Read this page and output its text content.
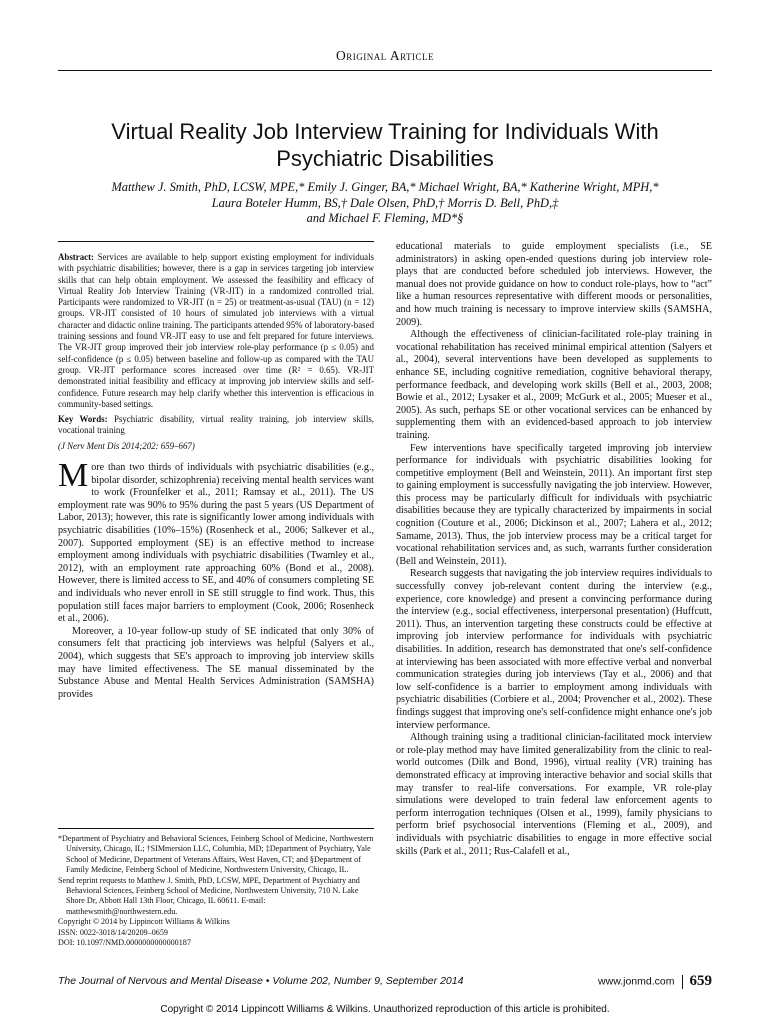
Original Article
Virtual Reality Job Interview Training for Individuals With Psychiatric Disabilities
Matthew J. Smith, PhD, LCSW, MPE,* Emily J. Ginger, BA,* Michael Wright, BA,* Katherine Wright, MPH,*
Laura Boteler Humm, BS,† Dale Olsen, PhD,† Morris D. Bell, PhD,‡
and Michael F. Fleming, MD*§

Abstract: Services are available to help support existing employment for individuals with psychiatric disabilities; however, there is a gap in services targeting job interview skills that can help obtain employment. We assessed the feasibility and efficacy of Virtual Reality Job Interview Training (VR-JIT) in a randomized controlled trial. Participants were randomized to VR-JIT (n = 25) or treatment-as-usual (TAU) (n = 12) groups. VR-JIT consisted of 10 hours of simulated job interviews with a virtual character and didactic online training. The participants attended 95% of laboratory-based training sessions and found VR-JIT easy to use and felt prepared for future interviews. The VR-JIT group improved their job interview role-play performance (p ≤ 0.05) and self-confidence (p ≤ 0.05) between baseline and follow-up as compared with the TAU group. VR-JIT performance scores increased over time (R² = 0.65). VR-JIT demonstrated initial feasibility and efficacy at improving job interview skills and self-confidence. Future research may help clarify whether this intervention is efficacious in community-based settings.

Key Words: Psychiatric disability, virtual reality training, job interview skills, vocational training

(J Nerv Ment Dis 2014;202: 659–667)

More than two thirds of individuals with psychiatric disabilities (e.g., bipolar disorder, schizophrenia) receiving mental health services want to work (Frounfelker et al., 2011; Ramsay et al., 2011). The US employment rate was 90% to 95% during the past 5 years (US Department of Labor, 2013); however, this rate is significantly lower among individuals with psychiatric disabilities (10%–15%) (Rosenheck et al., 2006; Salkever et al., 2007). Supported employment (SE) is an effective method to increase employment among individuals with psychiatric disabilities (Twamley et al., 2012), with an employment rate approaching 60% (Bond et al., 2008). However, there is limited access to SE, and 40% of consumers completing SE and individuals who never enroll in SE still struggle to find work. Thus, this population still faces major barriers to employment (Cook, 2006; Rosenheck et al., 2006).

Moreover, a 10-year follow-up study of SE indicated that only 30% of consumers felt that practicing job interviews was helpful (Salyers et al., 2004), which suggests that SE's approach to improving job interview skills may have limited effectiveness. The SE manual disseminated by the Substance Abuse and Mental Health Services Administration (SAMSHA) provides

*Department of Psychiatry and Behavioral Sciences, Feinberg School of Medicine, Northwestern University, Chicago, IL; †SIMmersion LLC, Columbia, MD; ‡Department of Psychiatry, Yale School of Medicine, Department of Veterans Affairs, West Haven, CT; and §Department of Family Medicine, Feinberg School of Medicine, Northwestern University, Chicago, IL.
Send reprint requests to Matthew J. Smith, PhD, LCSW, MPE, Department of Psychiatry and Behavioral Sciences, Feinberg School of Medicine, Northwestern University, 710 N. Lake Shore Dr, Abbott Hall 13th Floor, Chicago, IL 60611. E-mail: matthewsmith@northwestern.edu.
Copyright © 2014 by Lippincott Williams & Wilkins
ISSN: 0022-3018/14/20209–0659
DOI: 10.1097/NMD.0000000000000187

educational materials to guide employment specialists (i.e., SE administrators) in asking open-ended questions during job interview role-plays that are conducted before scheduled job interviews. However, the manual does not provide guidance on how to conduct role-plays, how to “act” like a human resources representative with different moods or personalities, and how much training is necessary to improve interview skills (SAMSHA, 2009).

Although the effectiveness of clinician-facilitated role-play training in vocational rehabilitation has received minimal empirical attention (Salyers et al., 2004), several interventions have been developed as supplements to enhance SE, including cognitive remediation, cognitive behavioral therapy, performance feedback, and developing work skills (Bell et al., 2003, 2008; Bowie et al., 2012; Lysaker et al., 2009; McGurk et al., 2005; Mueser et al., 2005). As such, perhaps SE or other vocational services can be enhanced by supplementing them with an evidenced-based approach to job interview training.

Few interventions have specifically targeted improving job interview performance for individuals with psychiatric disabilities looking for competitive employment (Bell and Weinstein, 2011). An important first step to gaining employment is successfully navigating the job interview. However, this process may be particularly difficult for individuals with psychiatric disabilities because they are typically characterized by impairments in social cognition (Couture et al., 2006; Dickinson et al., 2007; Lahera et al., 2012; Samame, 2013). Thus, the job interview process may be a critical target for vocational rehabilitation services and, as such, warrants further consideration (Bell and Weinstein, 2011).

Research suggests that navigating the job interview requires individuals to successfully convey job-relevant content during the interview (e.g., experience, core knowledge) and present a convincing performance during the interview (e.g., social effectiveness, interpersonal presentation) (Huffcutt, 2011). Thus, an intervention targeting these constructs could be effective at improving job interview performance for individuals with psychiatric disabilities. In addition, research has demonstrated that one's self-confidence at interviewing has been associated with more effective verbal and nonverbal communication strategies during job interviews (Tay et al., 2006) and that low self-confidence is a barrier to employment among individuals with psychiatric disabilities (Corbiere et al., 2004; Provencher et al., 2002). These findings suggest that improving one's self-confidence might enhance one's job interview performance.

Although training using a traditional clinician-facilitated mock interview or role-play method may have limited generalizability from the clinic to real-world outcomes (Dilk and Bond, 1996), virtual reality (VR) training has demonstrated efficacy at improving interactive behavior and social skills that may transfer to real-life conversations. For example, VR role-play simulations were developed to train federal law enforcement agents to perform interrogation techniques (Olsen et al., 1999), family physicians to perform brief psychosocial interventions (Fleming et al., 2009), and individuals with psychiatric disabilities to engage in more effective social skills (Park et al., 2011; Rus-Calafell et al.,

The Journal of Nervous and Mental Disease • Volume 202, Number 9, September 2014	www.jonmd.com 659
Copyright © 2014 Lippincott Williams & Wilkins. Unauthorized reproduction of this article is prohibited.
